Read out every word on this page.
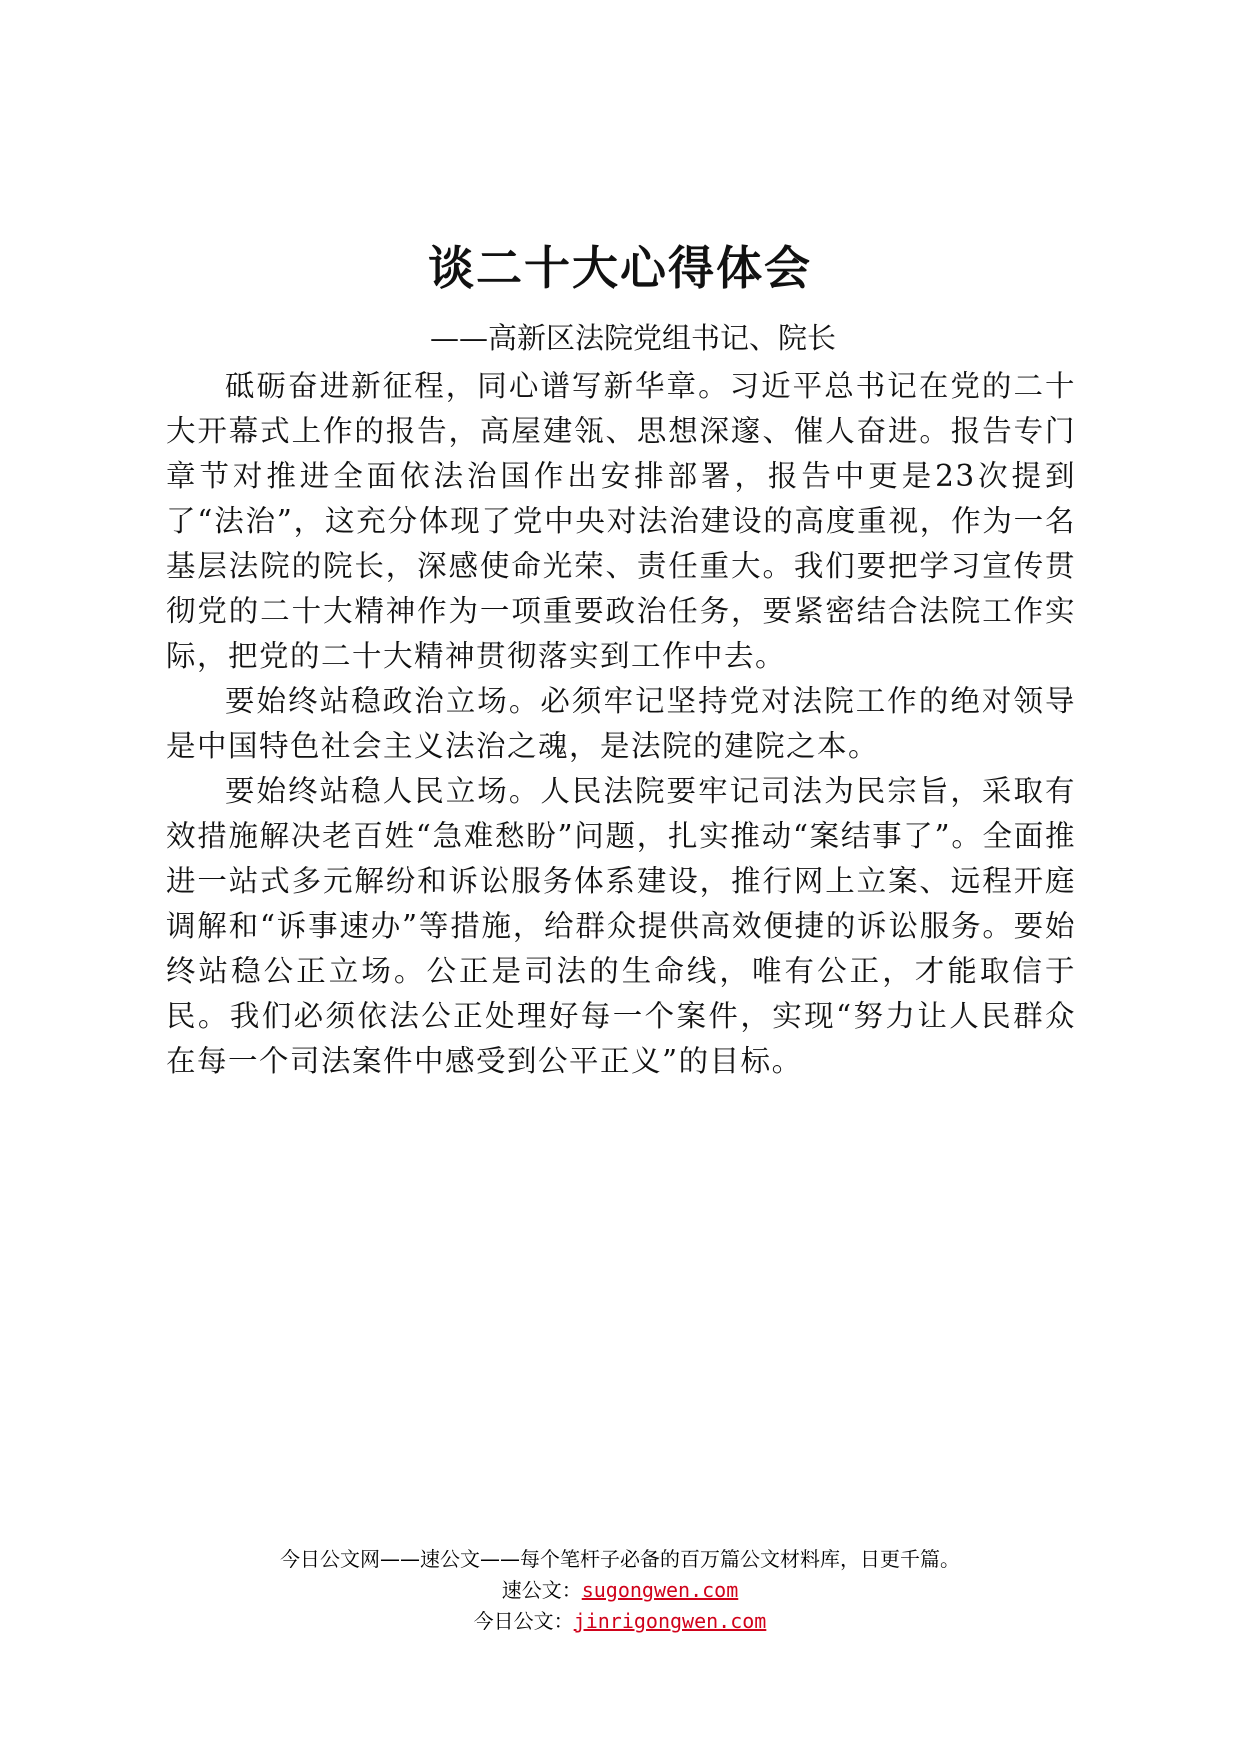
谈二十大心得体会
——高新区法院党组书记、院长

砥砺奋进新征程，同心谱写新华章。习近平总书记在党的二十大开幕式上作的报告，高屋建瓴、思想深邃、催人奋进。报告专门章节对推进全面依法治国作出安排部署，报告中更是23次提到了“法治”，这充分体现了党中央对法治建设的高度重视，作为一名基层法院的院长，深感使命光荣、责任重大。我们要把学习宣传贯彻党的二十大精神作为一项重要政治任务，要紧密结合法院工作实际，把党的二十大精神贯彻落实到工作中去。

要始终站稳政治立场。必须牢记坚持党对法院工作的绝对领导是中国特色社会主义法治之魂，是法院的建院之本。

要始终站稳人民立场。人民法院要牢记司法为民宗旨，采取有效措施解决老百姓“急难愁盼”问题，扎实推动“案结事了”。全面推进一站式多元解纷和诉讼服务体系建设，推行网上立案、远程开庭调解和“诉事速办”等措施，给群众提供高效便捷的诉讼服务。要始终站稳公正立场。公正是司法的生命线，唯有公正，才能取信于民。我们必须依法公正处理好每一个案件，实现“努力让人民群众在每一个司法案件中感受到公平正义”的目标。

今日公文网——速公文——每个笔杆子必备的百万篇公文材料库，日更千篇。
速公文：sugongwen.com
今日公文：jinrigongwen.com
